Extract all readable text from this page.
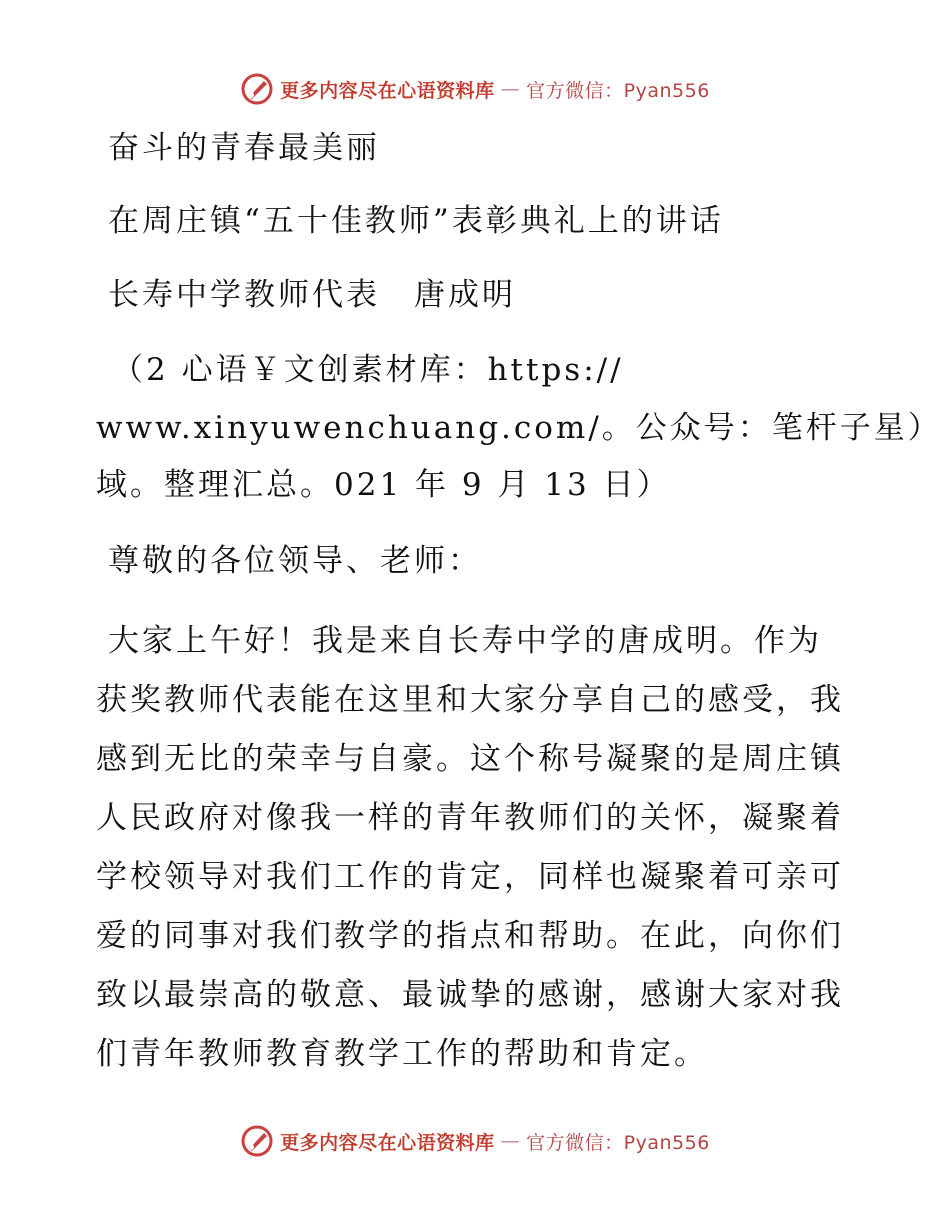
更多内容尽在心语资料库 — 官方微信：Pyan556
奋斗的青春最美丽
在周庄镇“五十佳教师”表彰典礼上的讲话
长寿中学教师代表　唐成明
（2 心语￥文创素材库：https://
www.xinyuwenchuang.com/。公众号：笔杆子星）
域。整理汇总。021 年 9 月 13 日）
尊敬的各位领导、老师：
大家上午好！我是来自长寿中学的唐成明。作为
获奖教师代表能在这里和大家分享自己的感受，我
感到无比的荣幸与自豪。这个称号凝聚的是周庄镇
人民政府对像我一样的青年教师们的关怀，凝聚着
学校领导对我们工作的肯定，同样也凝聚着可亲可
爱的同事对我们教学的指点和帮助。在此，向你们
致以最崇高的敬意、最诚挚的感谢，感谢大家对我
们青年教师教育教学工作的帮助和肯定。
更多内容尽在心语资料库 — 官方微信：Pyan556
